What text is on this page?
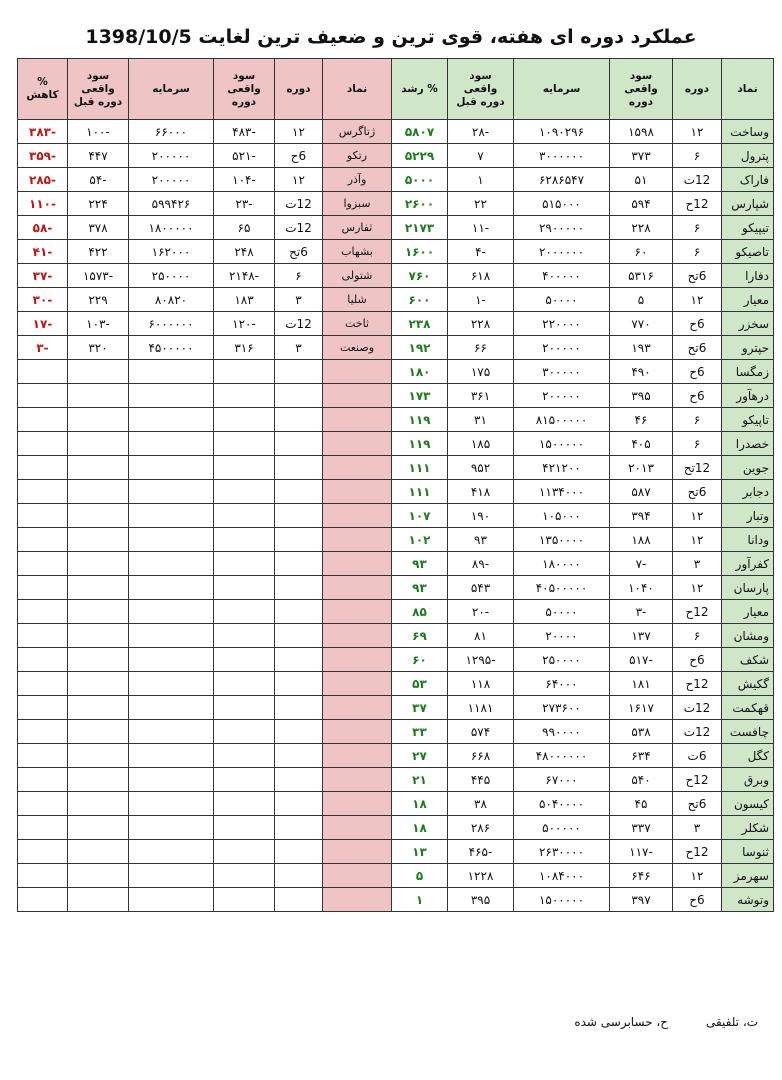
عملکرد دوره ای هفته، قوی ترین و ضعیف ترین لغایت 1398/10/5
نماد	دوره	سود واقعی دوره	سرمایه	سود واقعی دوره قبل	% رشد	نماد	دوره	سود واقعی دوره	سرمایه	سود واقعی دوره قبل	% کاهش
وساخت	۱۲	۱۵۹۸	۱۰۹۰۲۹۶	-۲۸	۵۸۰۷	ژتاگرس	۱۲	-۴۸۳	۶۶۰۰۰	-۱۰۰	-۳۸۳
پترول	۶	۳۷۳	۳۰۰۰۰۰۰	۷	۵۲۲۹	رتکو	6ح	-۵۲۱	۲۰۰۰۰۰	۴۴۷	-۳۵۹
فاراک	12ت	۵۱	۶۲۸۶۵۴۷	۱	۵۰۰۰	وآذر	۱۲	-۱۰۴	۲۰۰۰۰۰	-۵۴	-۲۸۵
شپارس	12ح	۵۹۴	۵۱۵۰۰۰	۲۲	۲۶۰۰	سبزوا	12ت	-۲۳	۵۹۹۴۲۶	۲۲۴	-۱۱۰
تیپیکو	۶	۲۲۸	۲۹۰۰۰۰۰	-۱۱	۲۱۷۳	ثفارس	12ت	۶۵	۱۸۰۰۰۰۰	۳۷۸	-۵۸
تاصیکو	۶	۶۰	۲۰۰۰۰۰۰	-۴	۱۶۰۰	بشهاب	6تح	۲۴۸	۱۶۲۰۰۰	۴۲۲	-۴۱
دفارا	6تح	۵۳۱۶	۴۰۰۰۰۰	۶۱۸	۷۶۰	شتولی	۶	-۲۱۴۸	۲۵۰۰۰۰	-۱۵۷۳	-۳۷
معیار	۱۲	۵	۵۰۰۰۰	-۱	۶۰۰	شلیا	۳	۱۸۳	۸۰۸۲۰	۲۲۹	-۳۰
سخزر	6ح	۷۷۰	۲۲۰۰۰۰	۲۲۸	۲۳۸	ثاخت	12ت	-۱۲۰	۶۰۰۰۰۰۰	-۱۰۳	-۱۷
حپترو	6تح	۱۹۳	۲۰۰۰۰۰	۶۶	۱۹۲	وصنعت	۳	۳۱۶	۴۵۰۰۰۰۰	۳۲۰	-۳
زمگسا	6ح	۴۹۰	۳۰۰۰۰۰	۱۷۵	۱۸۰						
درهآور	6ح	۳۹۵	۲۰۰۰۰۰	۳۶۱	۱۷۳						
تاپیکو	۶	۴۶	۸۱۵۰۰۰۰۰	۳۱	۱۱۹						
خصدرا	۶	۴۰۵	۱۵۰۰۰۰۰	۱۸۵	۱۱۹						
جوین	12تح	۲۰۱۳	۴۲۱۲۰۰	۹۵۲	۱۱۱						
دجابر	6تح	۵۸۷	۱۱۳۴۰۰۰	۴۱۸	۱۱۱						
وتبار	۱۲	۳۹۴	۱۰۵۰۰۰	۱۹۰	۱۰۷						
ودانا	۱۲	۱۸۸	۱۳۵۰۰۰۰	۹۳	۱۰۲						
کفرآور	۳	-۷	۱۸۰۰۰۰	-۸۹	۹۳						
پارسان	۱۲	۱۰۴۰	۴۰۵۰۰۰۰۰	۵۴۳	۹۳						
معیار	12ح	-۳	۵۰۰۰۰	-۲۰	۸۵						
ومشان	۶	۱۳۷	۲۰۰۰۰	۸۱	۶۹						
شکف	6ح	-۵۱۷	۲۵۰۰۰۰	-۱۲۹۵	۶۰						
گکیش	12ح	۱۸۱	۶۴۰۰۰	۱۱۸	۵۳						
قهکمت	12ت	۱۶۱۷	۲۷۳۶۰۰	۱۱۸۱	۳۷						
چافست	12ت	۵۳۸	۹۹۰۰۰۰	۵۷۴	۳۳						
کگل	6ت	۶۳۴	۴۸۰۰۰۰۰۰	۶۶۸	۲۷						
وبرق	12ح	۵۴۰	۶۷۰۰۰	۴۴۵	۲۱						
کیسون	6تح	۴۵	۵۰۴۰۰۰۰	۳۸	۱۸						
شکلر	۳	۳۳۷	۵۰۰۰۰۰	۲۸۶	۱۸						
ثنوسا	12ح	-۱۱۷	۲۶۳۰۰۰۰	-۴۶۵	۱۳						
سهرمز	۱۲	۶۴۶	۱۰۸۴۰۰۰	۱۲۲۸	۵						
وتوشه	6ح	۳۹۷	۱۵۰۰۰۰۰	۳۹۵	۱						
ت، تلفیقی
ح، حسابرسی شده
